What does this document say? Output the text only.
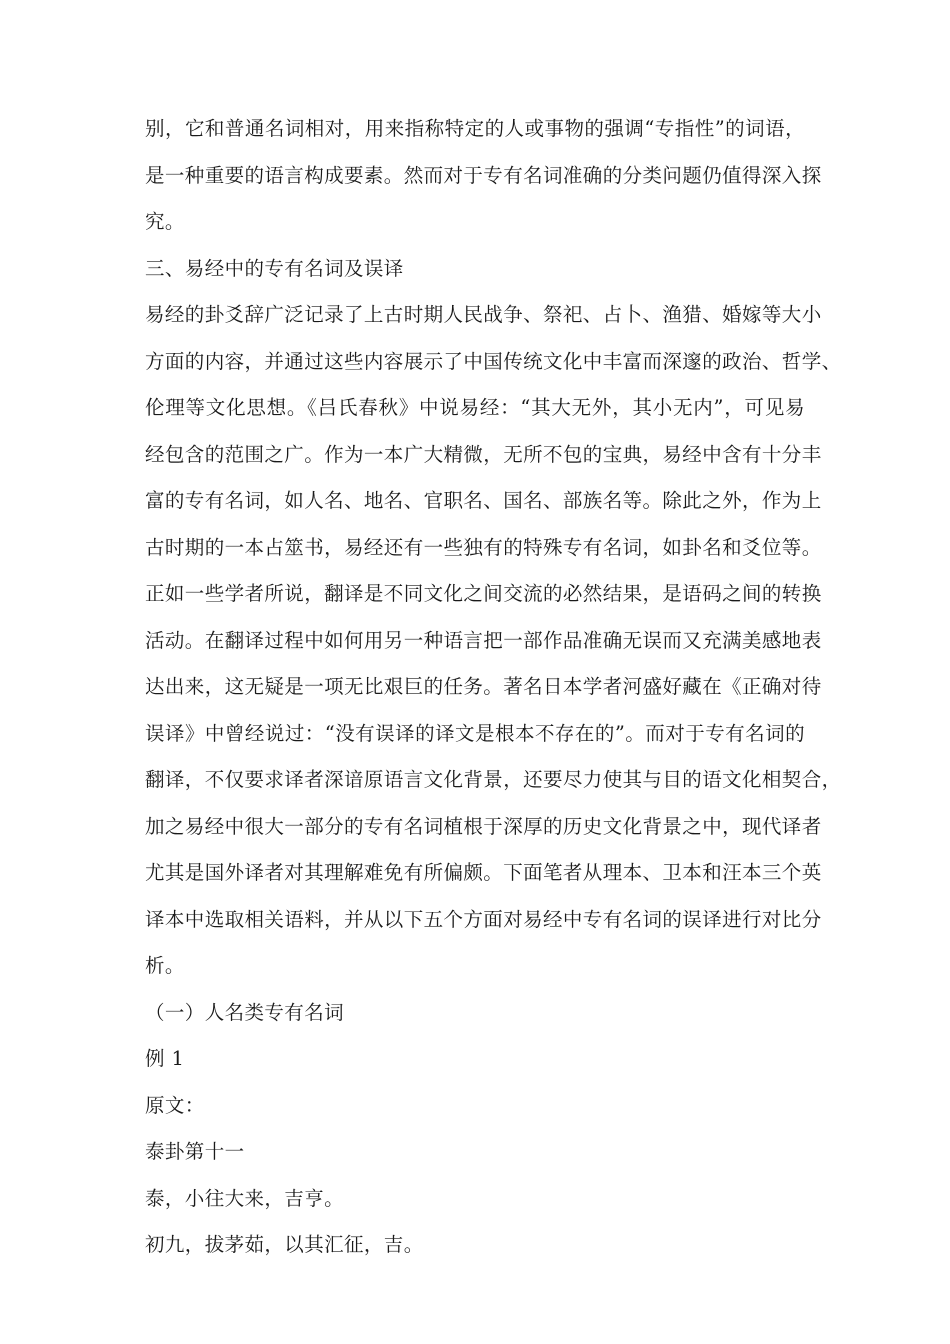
别，它和普通名词相对，用来指称特定的人或事物的强调“专指性”的词语，
是一种重要的语言构成要素。然而对于专有名词准确的分类问题仍值得深入探
究。

三、易经中的专有名词及误译

易经的卦爻辞广泛记录了上古时期人民战争、祭祀、占卜、渔猎、婚嫁等大小
方面的内容，并通过这些内容展示了中国传统文化中丰富而深邃的政治、哲学、
伦理等文化思想。《吕氏春秋》中说易经：“其大无外，其小无内”，可见易
经包含的范围之广。作为一本广大精微，无所不包的宝典，易经中含有十分丰
富的专有名词，如人名、地名、官职名、国名、部族名等。除此之外，作为上
古时期的一本占筮书，易经还有一些独有的特殊专有名词，如卦名和爻位等。
正如一些学者所说，翻译是不同文化之间交流的必然结果，是语码之间的转换
活动。在翻译过程中如何用另一种语言把一部作品准确无误而又充满美感地表
达出来，这无疑是一项无比艰巨的任务。著名日本学者河盛好藏在《正确对待
误译》中曾经说过：“没有误译的译文是根本不存在的”。而对于专有名词的
翻译，不仅要求译者深谙原语言文化背景，还要尽力使其与目的语文化相契合，
加之易经中很大一部分的专有名词植根于深厚的历史文化背景之中，现代译者
尤其是国外译者对其理解难免有所偏颇。下面笔者从理本、卫本和汪本三个英
译本中选取相关语料，并从以下五个方面对易经中专有名词的误译进行对比分
析。

（一）人名类专有名词

例 1

原文：

泰卦第十一

泰，小往大来，吉亨。

初九，拔茅茹，以其汇征，吉。
